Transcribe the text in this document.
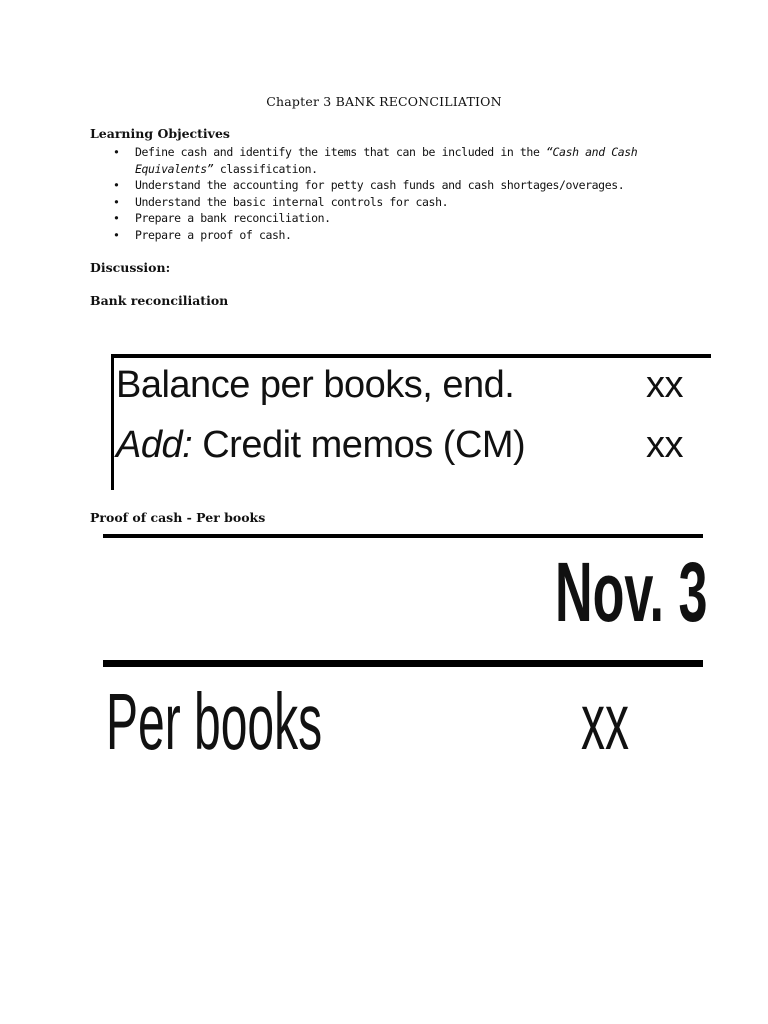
Chapter 3 BANK RECONCILIATION
Learning Objectives
• Define cash and identify the items that can be included in the “Cash and Cash Equivalents” classification.
• Understand the accounting for petty cash funds and cash shortages/overages.
• Understand the basic internal controls for cash.
• Prepare a bank reconciliation.
• Prepare a proof of cash.
Discussion:
Bank reconciliation
Balance per books, end.	xx
Add: Credit memos (CM)	xx
Proof of cash - Per books
Nov. 3
Per books	xx
